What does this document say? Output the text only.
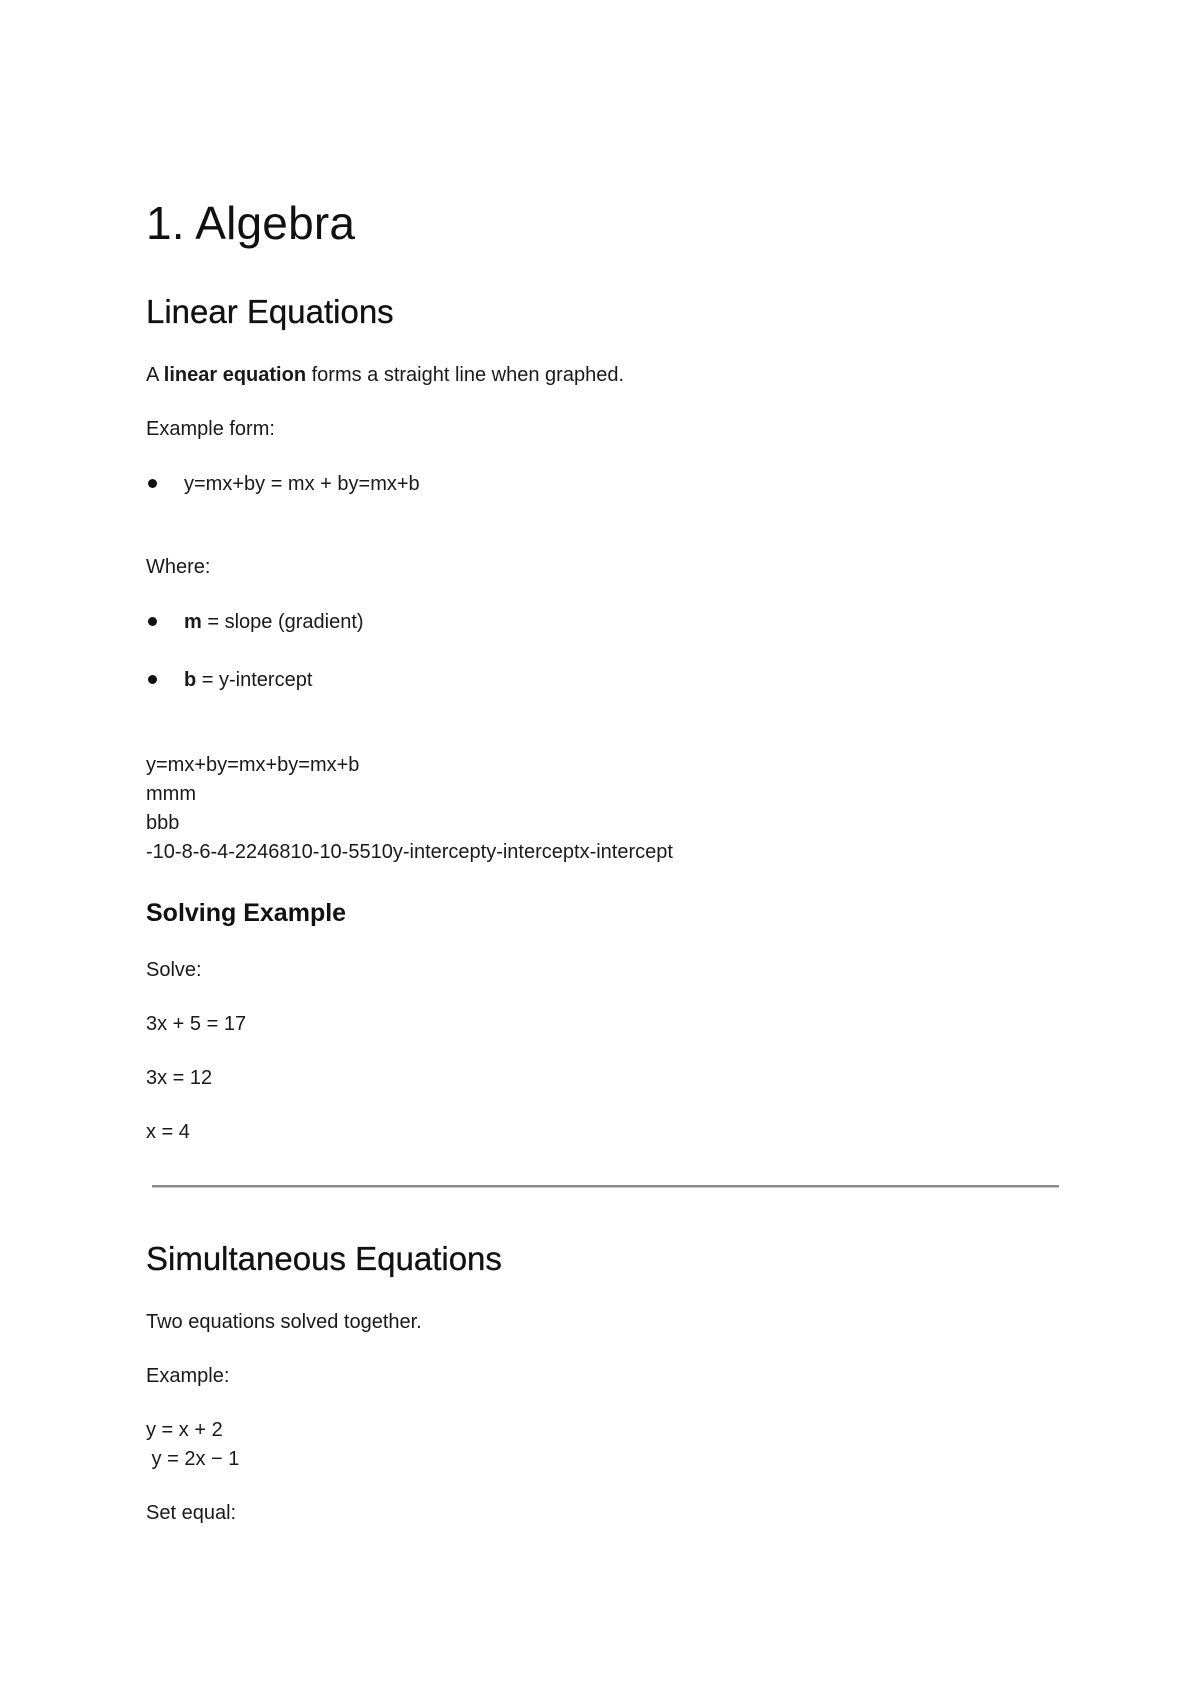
1. Algebra
Linear Equations
A linear equation forms a straight line when graphed.
Example form:
y=mx+by = mx + by=mx+b
Where:
m = slope (gradient)
b = y-intercept
y=mx+by=mx+by=mx+b
mmm
bbb
-10-8-6-4-2246810-10-5510y-intercepty-interceptx-intercept
Solving Example
Solve:
3x + 5 = 17
3x = 12
x = 4
Simultaneous Equations
Two equations solved together.
Example:
y = x + 2
y = 2x − 1
Set equal:
